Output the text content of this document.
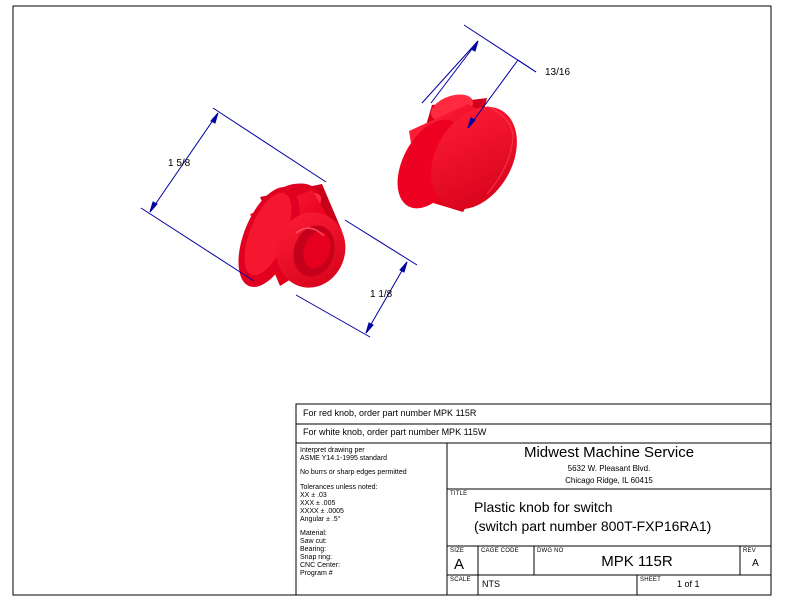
1 5/8
13/16
1 1/8
For red knob, order part number MPK 115R
For white knob, order part number MPK 115W
Interpret drawing per
ASME Y14.1-1995 standard
No burrs or sharp edges permitted
Tolerances unless noted:
XX ± .03
XXX ± .005
XXXX ± .0005
Angular ± .5°
Material:
Saw cut:
Bearing:
Snap ring:
CNC Center:
Program #
Midwest Machine Service
5632 W. Pleasant Blvd.
Chicago Ridge, IL 60415
TITLE
Plastic knob for switch
(switch part number 800T-FXP16RA1)
SIZE
A
CAGE CODE	DWG NO
MPK 115R
REV
A
SCALE NTS	SHEET 1 of 1
